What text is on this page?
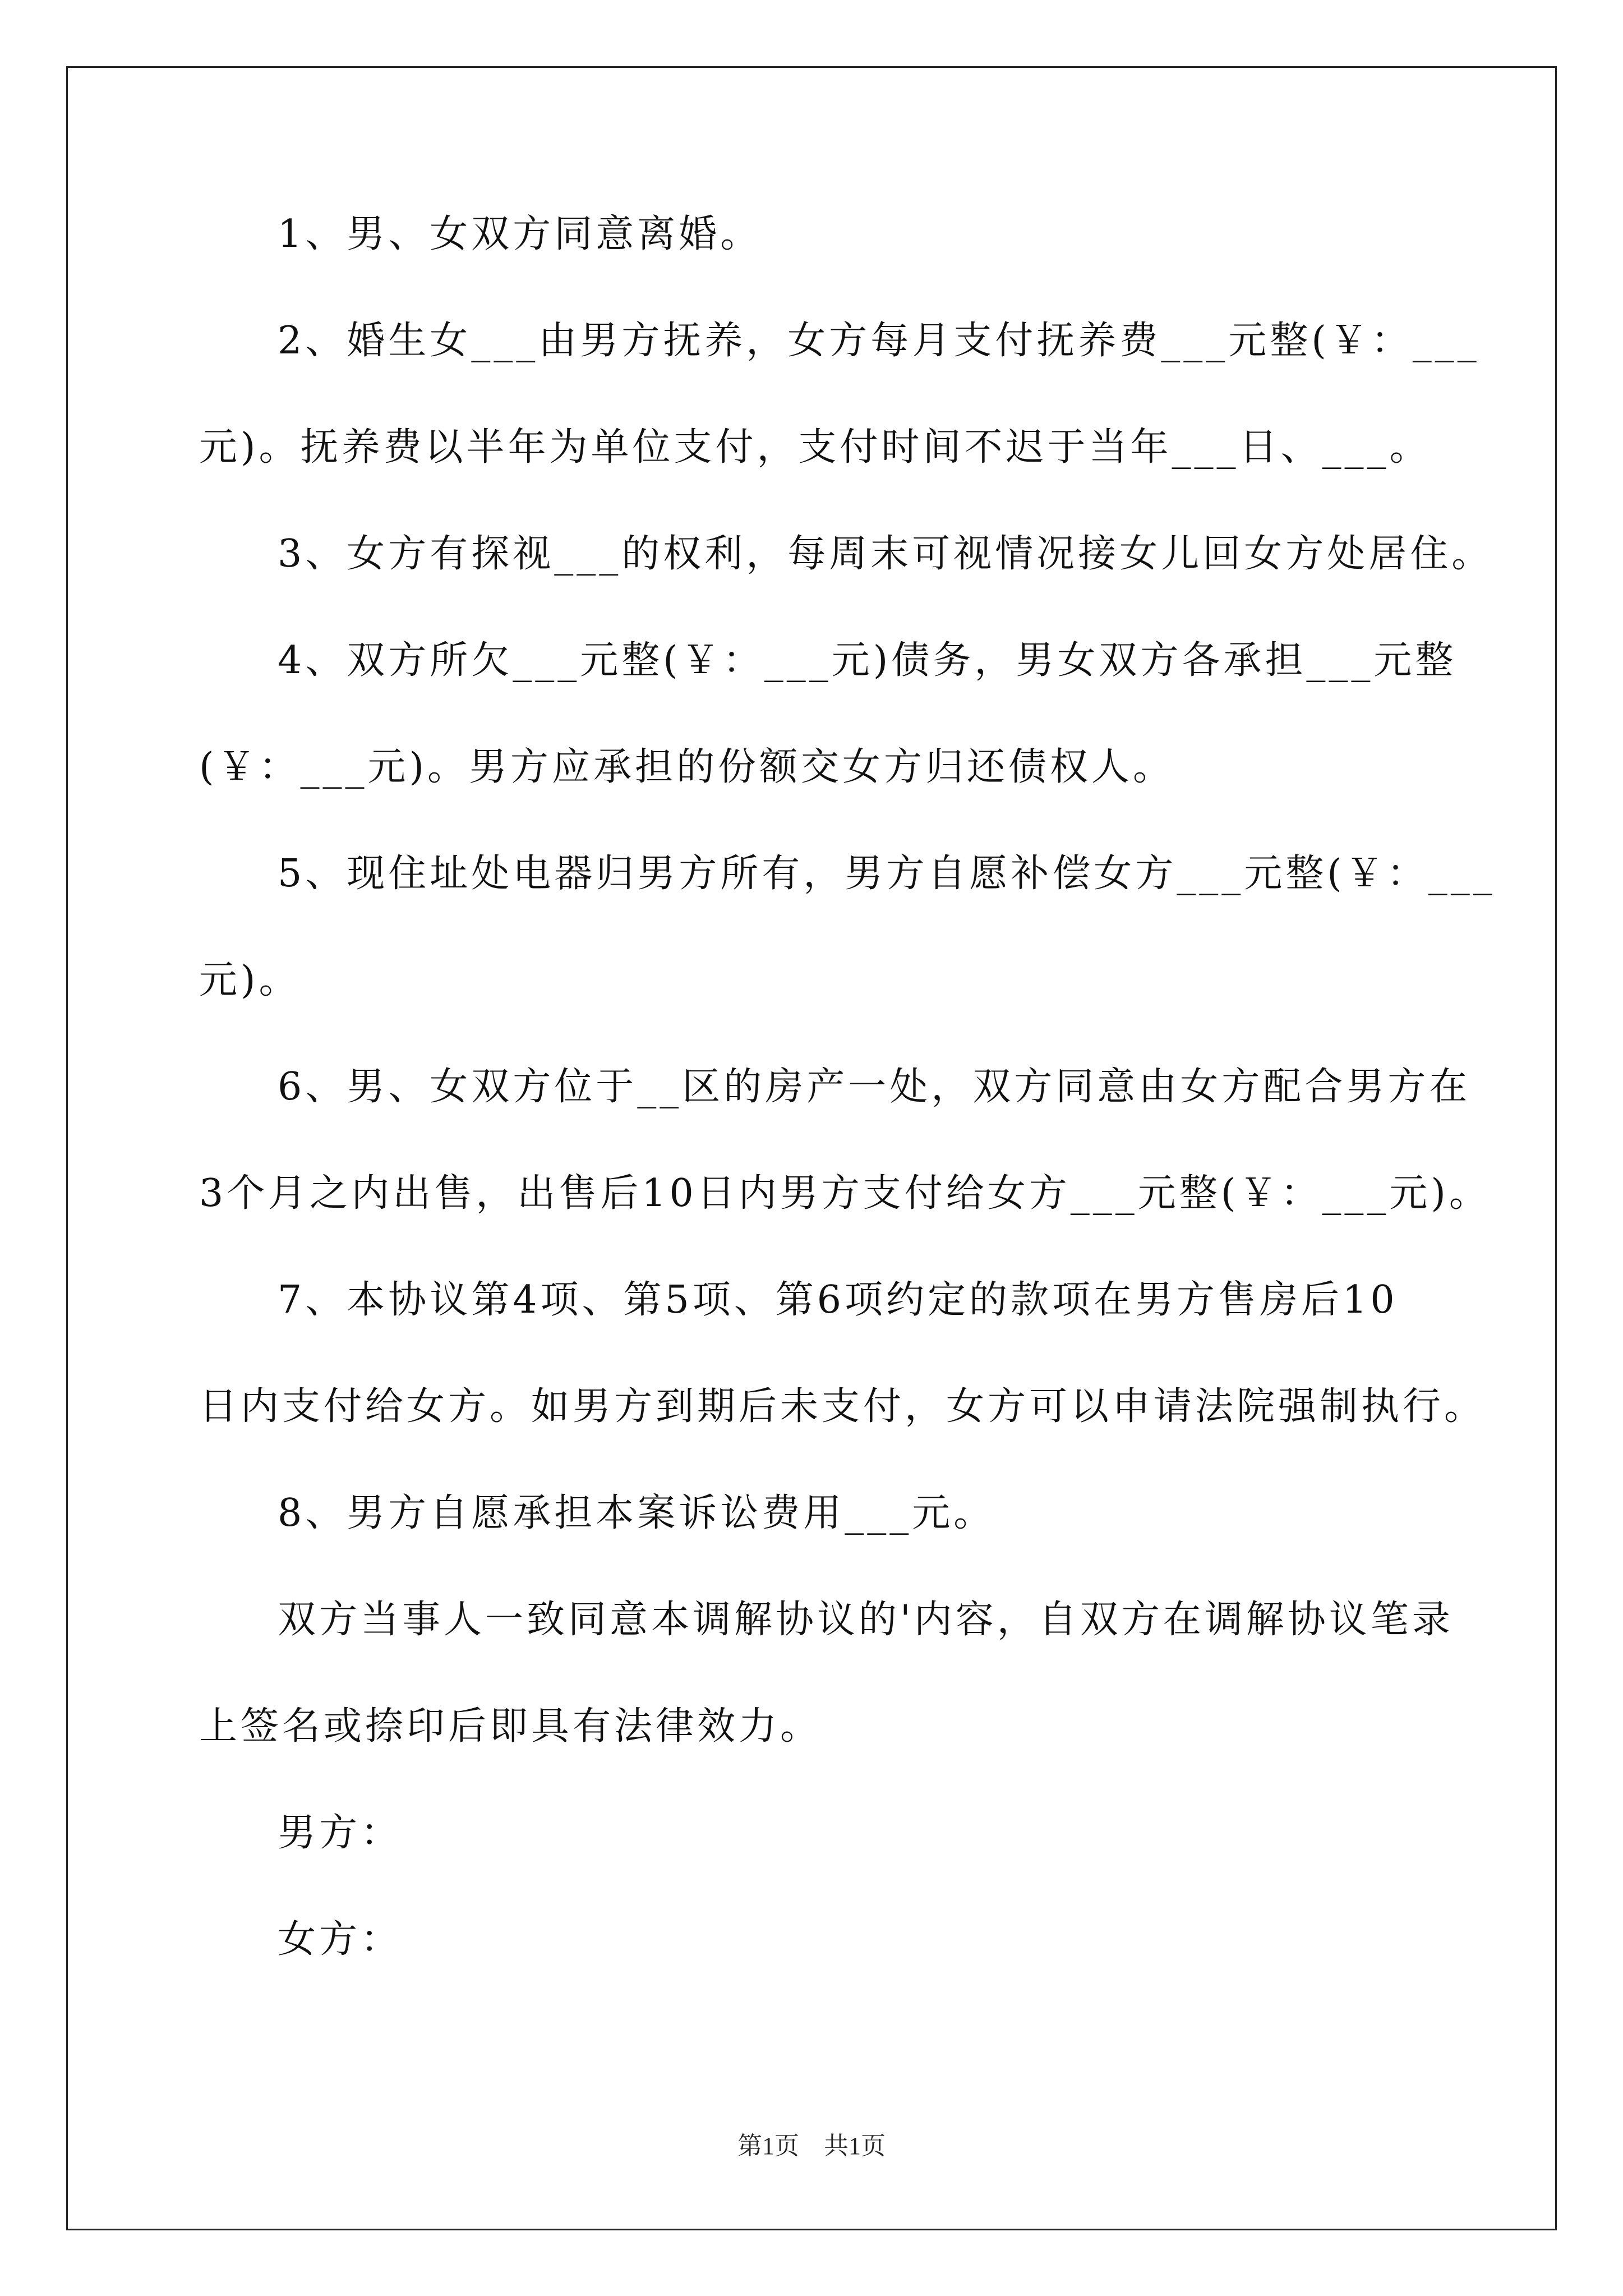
1、男、女双方同意离婚。
2、婚生女___由男方抚养，女方每月支付抚养费___元整(￥：___
元)。抚养费以半年为单位支付，支付时间不迟于当年___日、___。
3、女方有探视___的权利，每周末可视情况接女儿回女方处居住。
4、双方所欠___元整(￥：___元)债务，男女双方各承担___元整
(￥：___元)。男方应承担的份额交女方归还债权人。
5、现住址处电器归男方所有，男方自愿补偿女方___元整(￥：___
元)。
6、男、女双方位于__区的房产一处，双方同意由女方配合男方在
3个月之内出售，出售后10日内男方支付给女方___元整(￥：___元)。
7、本协议第4项、第5项、第6项约定的款项在男方售房后10
日内支付给女方。如男方到期后未支付，女方可以申请法院强制执行。
8、男方自愿承担本案诉讼费用___元。
双方当事人一致同意本调解协议的'内容，自双方在调解协议笔录
上签名或捺印后即具有法律效力。
男方：
女方：
第1页 共1页
